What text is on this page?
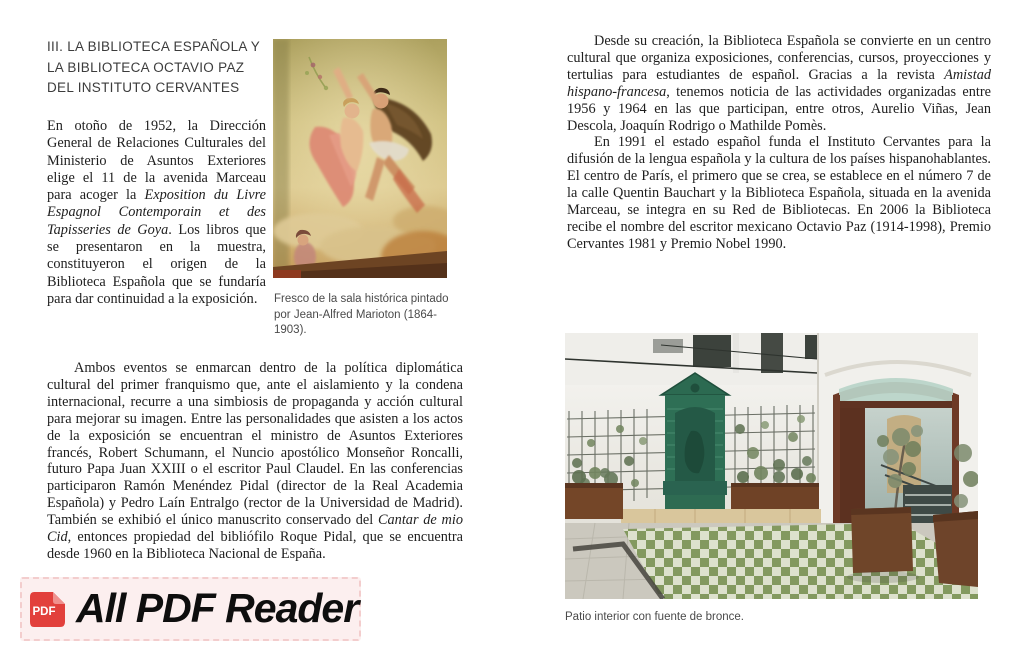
III. LA BIBLIOTECA ESPAÑOLA Y LA BIBLIOTECA OCTAVIO PAZ DEL INSTITUTO CERVANTES
En otoño de 1952, la Dirección General de Relaciones Culturales del Ministerio de Asuntos Exteriores elige el 11 de la avenida Marceau para acoger la Exposition du Livre Espagnol Contemporain et des Tapisseries de Goya. Los libros que se presentaron en la muestra, constituyeron el origen de la Biblioteca Española que se fundaría para dar continuidad a la exposición.	Fresco de la sala histórica pintado por Jean-Alfred Marioton (1864-1903).
Ambos eventos se enmarcan dentro de la política diplomática cultural del primer franquismo que, ante el aislamiento y la condena internacional, recurre a una simbiosis de propaganda y acción cultural para mejorar su imagen. Entre las personalidades que asisten a los actos de la exposición se encuentran el ministro de Asuntos Exteriores francés, Robert Schumann, el Nuncio apostólico Monseñor Roncalli, futuro Papa Juan XXIII o el escritor Paul Claudel. En las conferencias participaron Ramón Menéndez Pidal (director de la Real Academia Española) y Pedro Laín Entralgo (rector de la Universidad de Madrid). También se exhibió el único manuscrito conservado del Cantar de mio Cid, entonces propiedad del bibliófilo Roque Pidal, que se encuentra desde 1960 en la Biblioteca Nacional de España.

Desde su creación, la Biblioteca Española se convierte en un centro cultural que organiza exposiciones, conferencias, cursos, proyecciones y tertulias para estudiantes de español. Gracias a la revista Amistad hispano-francesa, tenemos noticia de las actividades organizadas entre 1956 y 1964 en las que participan, entre otros, Aurelio Viñas, Jean Descola, Joaquín Rodrigo o Mathilde Pomès.

En 1991 el estado español funda el Instituto Cervantes para la difusión de la lengua española y la cultura de los países hispanohablantes. El centro de París, el primero que se crea, se establece en el número 7 de la calle Quentin Bauchart y la Biblioteca Española, situada en la avenida Marceau, se integra en su Red de Bibliotecas. En 2006 la Biblioteca recibe el nombre del escritor mexicano Octavio Paz (1914-1998), Premio Cervantes 1981 y Premio Nobel 1990.

Patio interior con fuente de bronce.
PDF All PDF Reader
